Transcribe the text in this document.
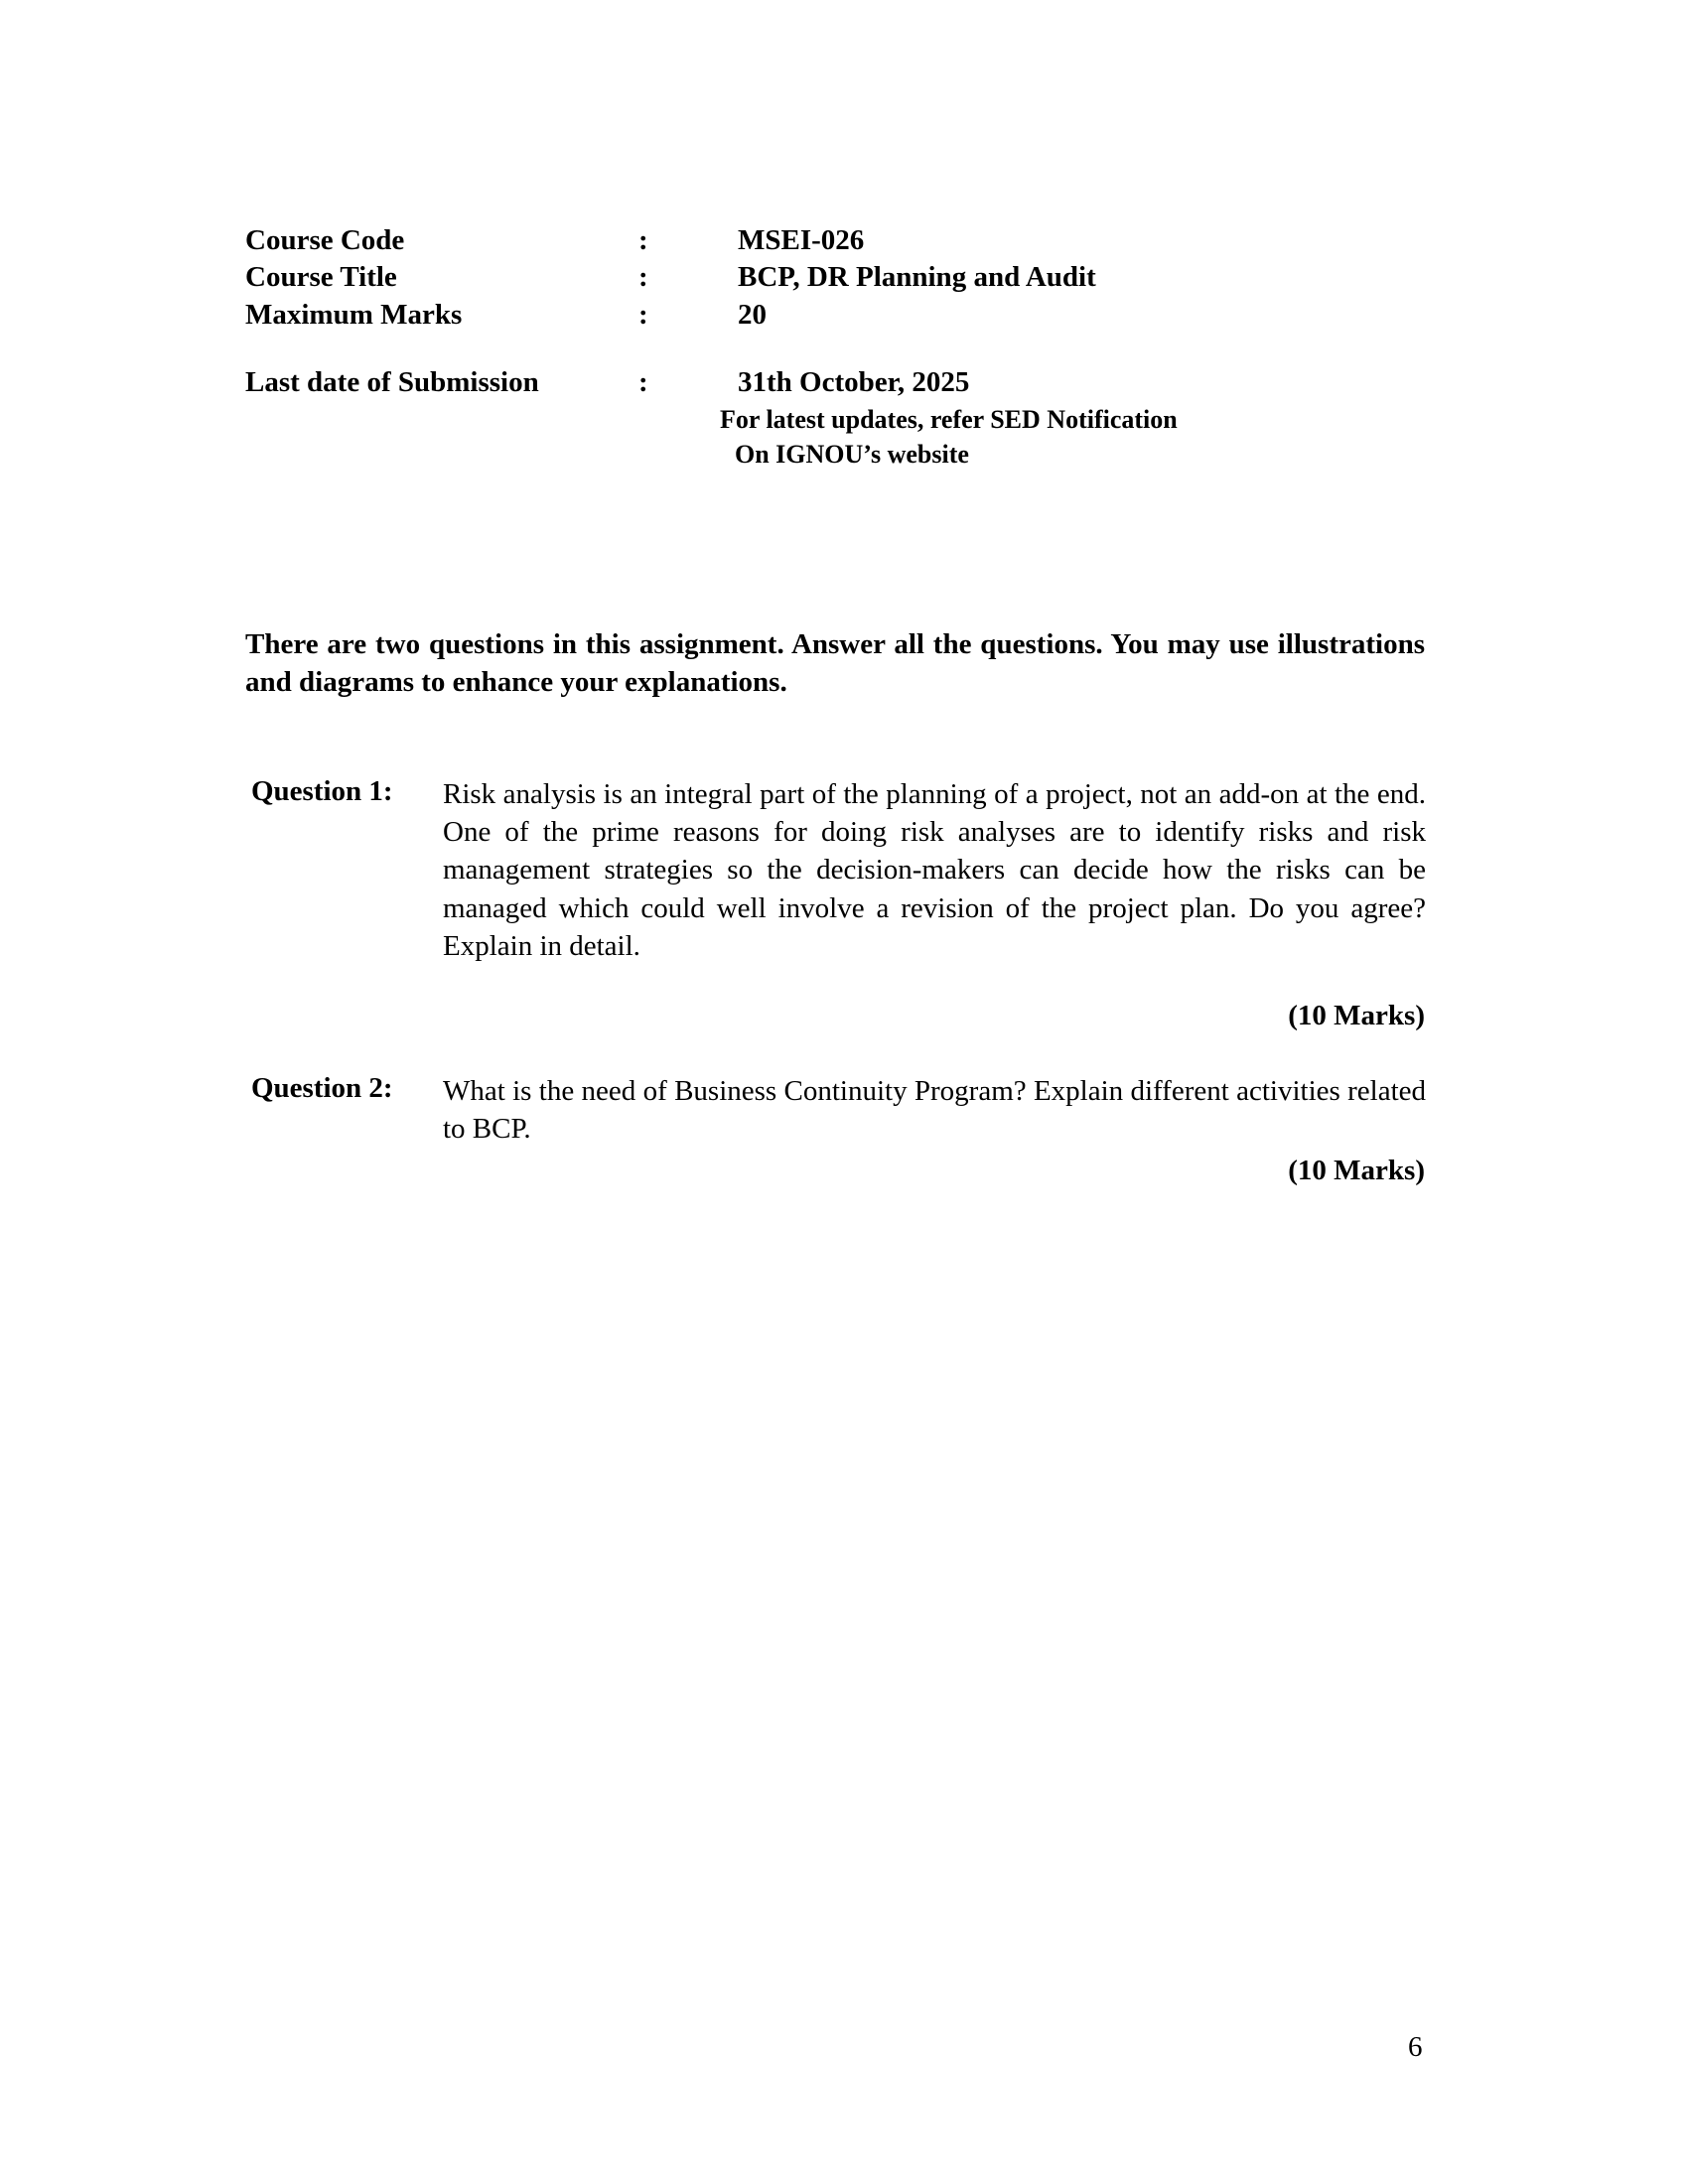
Course Code	:	MSEI-026
Course Title	:	BCP, DR Planning and Audit
Maximum Marks	:	20
Last date of Submission	:	31th October, 2025
For latest updates, refer SED Notification
On IGNOU’s website
There are two questions in this assignment. Answer all the questions. You may use illustrations and diagrams to enhance your explanations.
Question 1: Risk analysis is an integral part of the planning of a project, not an add-on at the end. One of the prime reasons for doing risk analyses are to identify risks and risk management strategies so the decision-makers can decide how the risks can be managed which could well involve a revision of the project plan. Do you agree? Explain in detail.
(10 Marks)
Question 2: What is the need of Business Continuity Program? Explain different activities related to BCP.
(10 Marks)
6
